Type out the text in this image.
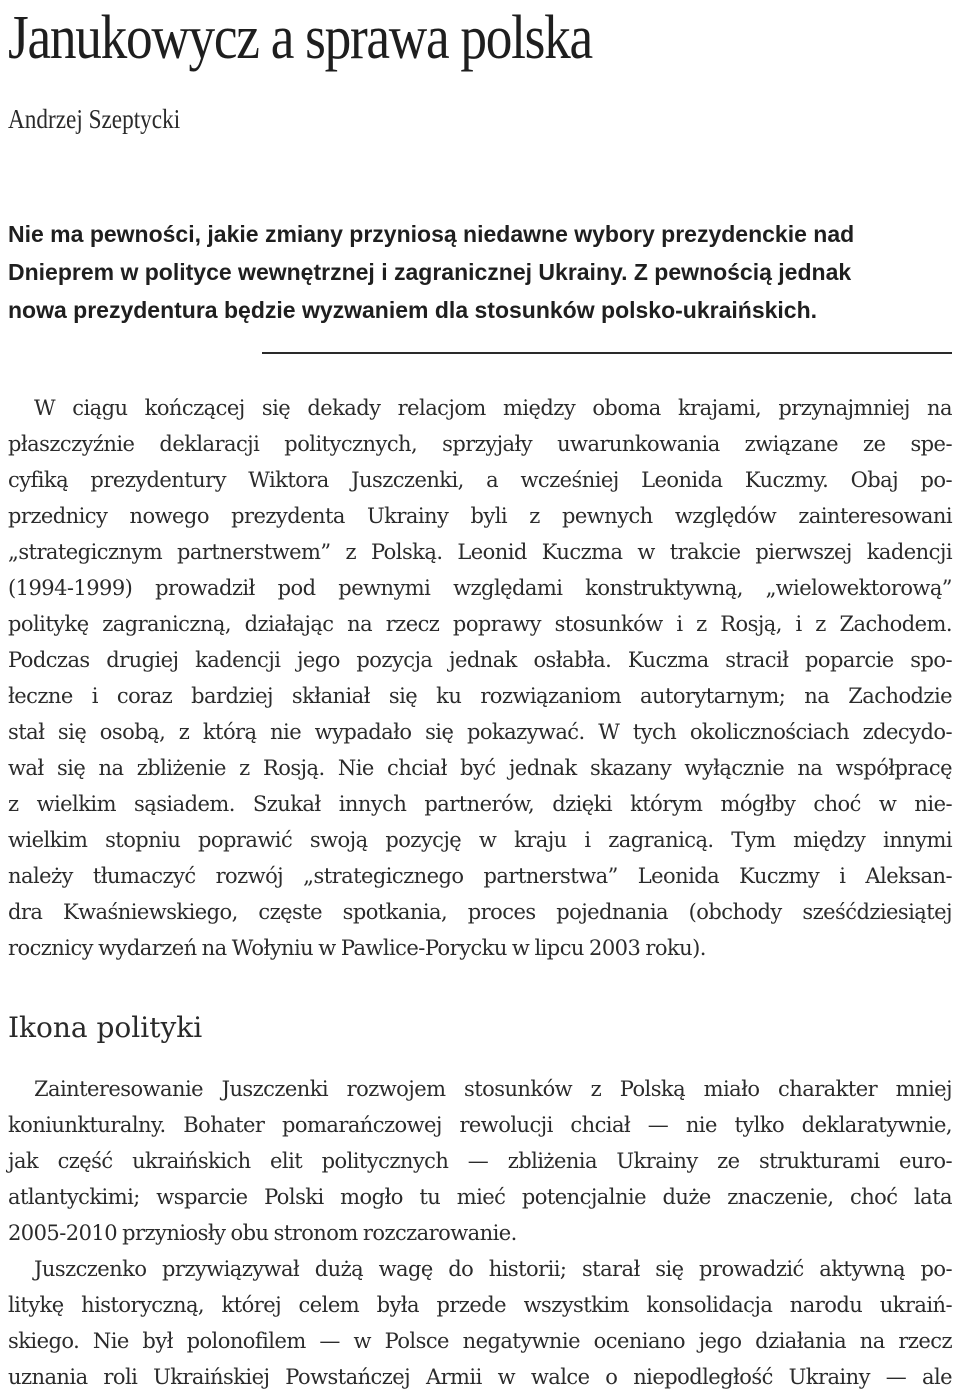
Janukowycz a sprawa polska
Andrzej Szeptycki
Nie ma pewności, jakie zmiany przyniosą niedawne wybory prezydenckie nad
Dnieprem w polityce wewnętrznej i zagranicznej Ukrainy. Z pewnością jednak
nowa prezydentura będzie wyzwaniem dla stosunków polsko-ukraińskich.

W ciągu kończącej się dekady relacjom między oboma krajami, przynajmniej na
płaszczyźnie deklaracji politycznych, sprzyjały uwarunkowania związane ze spe-
cyfiką prezydentury Wiktora Juszczenki, a wcześniej Leonida Kuczmy. Obaj po-
przednicy nowego prezydenta Ukrainy byli z pewnych względów zainteresowani
„strategicznym partnerstwem” z Polską. Leonid Kuczma w trakcie pierwszej kadencji
(1994-1999) prowadził pod pewnymi względami konstruktywną, „wielowektorową”
politykę zagraniczną, działając na rzecz poprawy stosunków i z Rosją, i z Zachodem.
Podczas drugiej kadencji jego pozycja jednak osłabła. Kuczma stracił poparcie spo-
łeczne i coraz bardziej skłaniał się ku rozwiązaniom autorytarnym; na Zachodzie
stał się osobą, z którą nie wypadało się pokazywać. W tych okolicznościach zdecydo-
wał się na zbliżenie z Rosją. Nie chciał być jednak skazany wyłącznie na współpracę
z wielkim sąsiadem. Szukał innych partnerów, dzięki którym mógłby choć w nie-
wielkim stopniu poprawić swoją pozycję w kraju i zagranicą. Tym między innymi
należy tłumaczyć rozwój „strategicznego partnerstwa” Leonida Kuczmy i Aleksan-
dra Kwaśniewskiego, częste spotkania, proces pojednania (obchody sześćdziesiątej
rocznicy wydarzeń na Wołyniu w Pawlice-Porycku w lipcu 2003 roku).

Ikona polityki

Zainteresowanie Juszczenki rozwojem stosunków z Polską miało charakter mniej
koniunkturalny. Bohater pomarańczowej rewolucji chciał — nie tylko deklaratywnie,
jak część ukraińskich elit politycznych — zbliżenia Ukrainy ze strukturami euro-
atlantyckimi; wsparcie Polski mogło tu mieć potencjalnie duże znaczenie, choć lata
2005-2010 przyniosły obu stronom rozczarowanie.

Juszczenko przywiązywał dużą wagę do historii; starał się prowadzić aktywną po-
litykę historyczną, której celem była przede wszystkim konsolidacja narodu ukraiń-
skiego. Nie był polonofilem — w Polsce negatywnie oceniano jego działania na rzecz
uznania roli Ukraińskiej Powstańczej Armii w walce o niepodległość Ukrainy — ale
